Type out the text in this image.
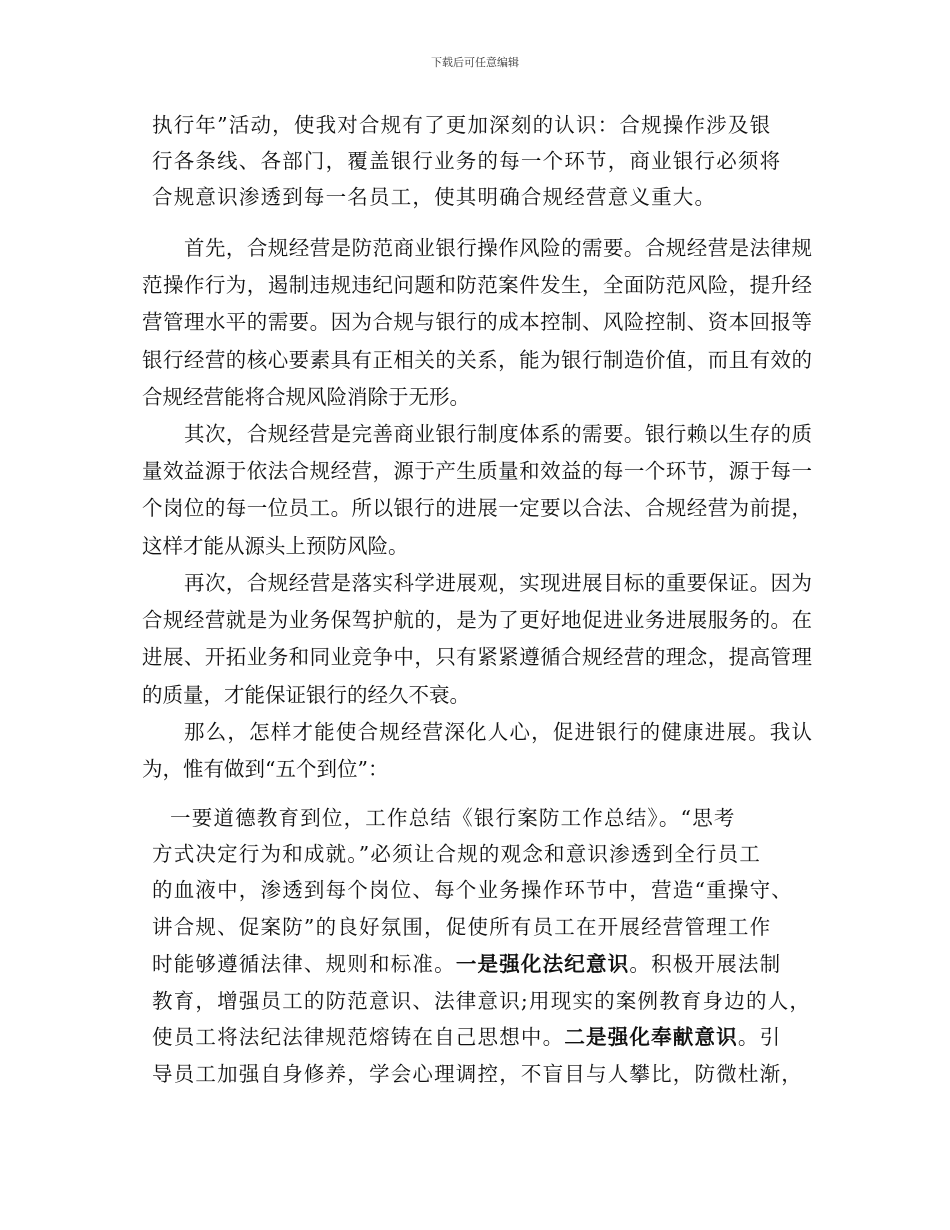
下载后可任意编辑
执行年”活动，使我对合规有了更加深刻的认识：合规操作涉及银
行各条线、各部门，覆盖银行业务的每一个环节，商业银行必须将
合规意识渗透到每一名员工，使其明确合规经营意义重大。
首先，合规经营是防范商业银行操作风险的需要。合规经营是法律规范操作行为，遏制违规违纪问题和防范案件发生，全面防范风险，提升经营管理水平的需要。因为合规与银行的成本控制、风险控制、资本回报等银行经营的核心要素具有正相关的关系，能为银行制造价值，而且有效的合规经营能将合规风险消除于无形。
其次，合规经营是完善商业银行制度体系的需要。银行赖以生存的质量效益源于依法合规经营，源于产生质量和效益的每一个环节，源于每一个岗位的每一位员工。所以银行的进展一定要以合法、合规经营为前提，这样才能从源头上预防风险。
再次，合规经营是落实科学进展观，实现进展目标的重要保证。因为合规经营就是为业务保驾护航的，是为了更好地促进业务进展服务的。在进展、开拓业务和同业竞争中，只有紧紧遵循合规经营的理念，提高管理的质量，才能保证银行的经久不衰。
那么，怎样才能使合规经营深化人心，促进银行的健康进展。我认为，惟有做到“五个到位”：
一要道德教育到位，工作总结《银行案防工作总结》。“思考
方式决定行为和成就。”必须让合规的观念和意识渗透到全行员工
的血液中，渗透到每个岗位、每个业务操作环节中，营造“重操守、
讲合规、促案防”的良好氛围，促使所有员工在开展经营管理工作
时能够遵循法律、规则和标准。一是强化法纪意识。积极开展法制
教育，增强员工的防范意识、法律意识;用现实的案例教育身边的人，
使员工将法纪法律规范熔铸在自己思想中。二是强化奉献意识。引
导员工加强自身修养，学会心理调控，不盲目与人攀比，防微杜渐，
